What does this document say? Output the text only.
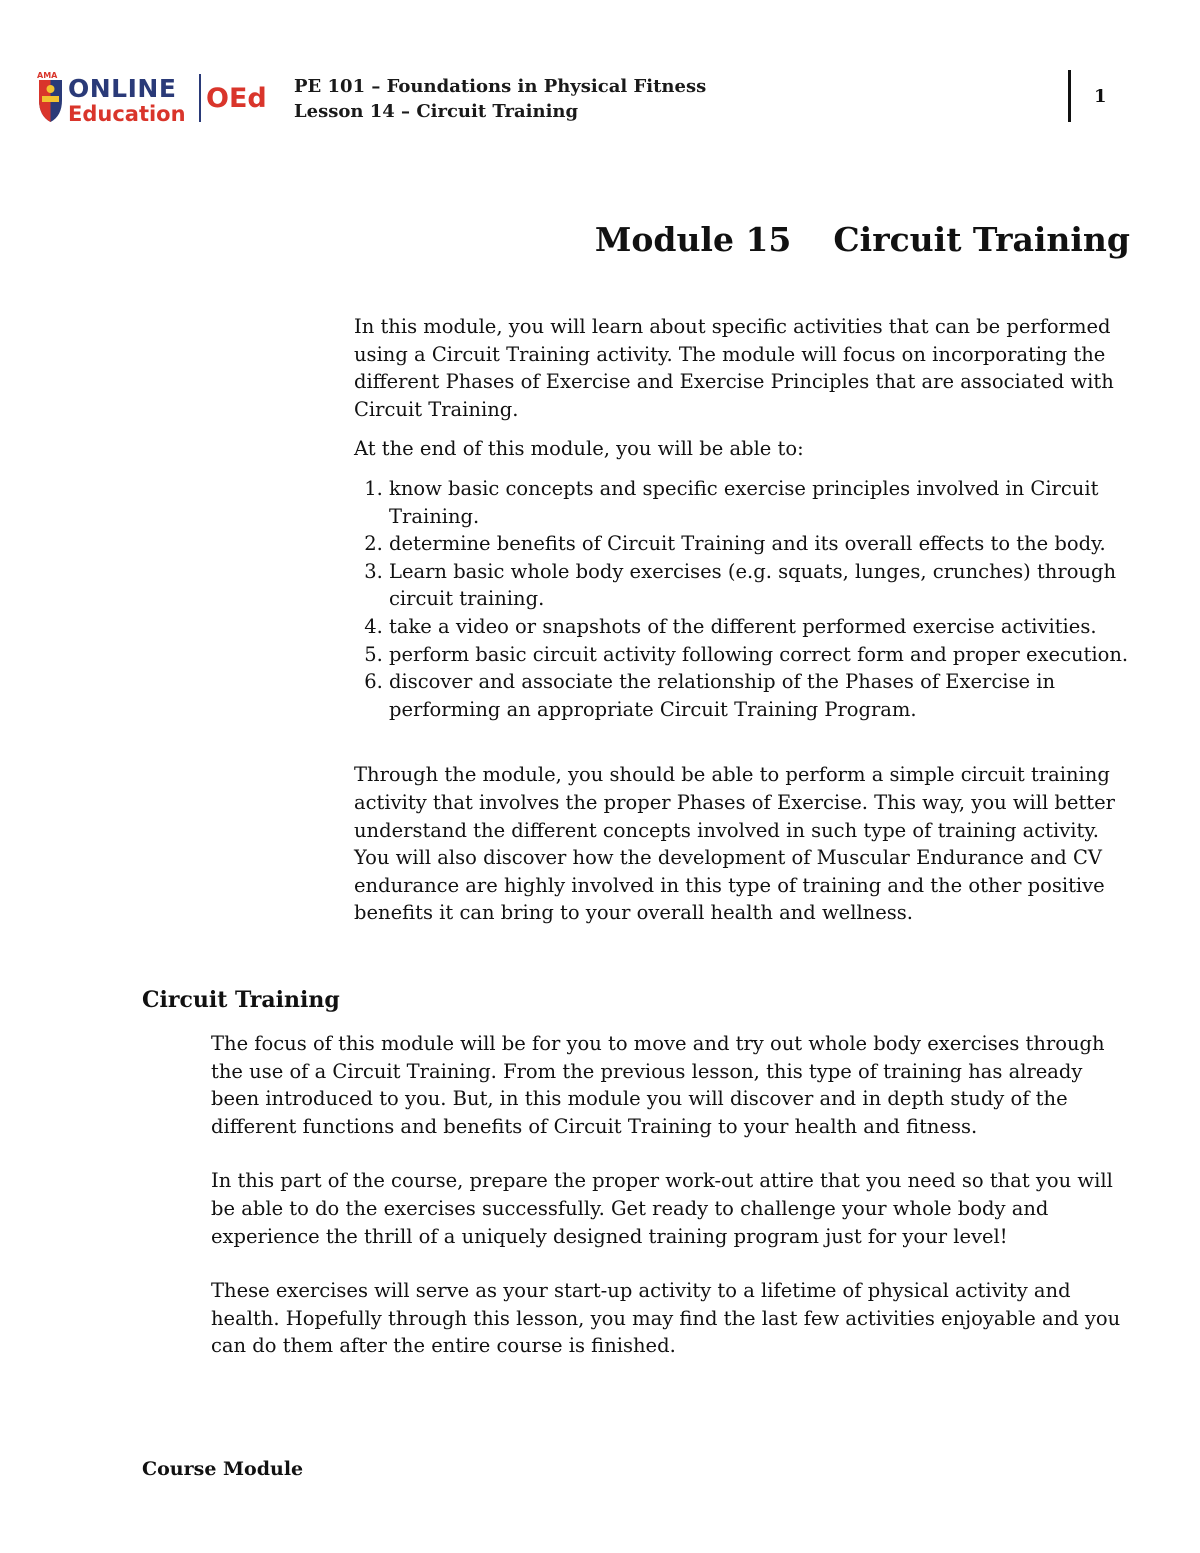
AMA ONLINE
Education OEd PE 101 – Foundations in Physical Fitness
Lesson 14 – Circuit Training
1
Module 15 Circuit Training

In this module, you will learn about specific activities that can be performed using a Circuit Training activity. The module will focus on incorporating the different Phases of Exercise and Exercise Principles that are associated with Circuit Training.

At the end of this module, you will be able to:

1. know basic concepts and specific exercise principles involved in Circuit Training.
2. determine benefits of Circuit Training and its overall effects to the body.
3. Learn basic whole body exercises (e.g. squats, lunges, crunches) through circuit training.
4. take a video or snapshots of the different performed exercise activities.
5. perform basic circuit activity following correct form and proper execution.
6. discover and associate the relationship of the Phases of Exercise in performing an appropriate Circuit Training Program.

Through the module, you should be able to perform a simple circuit training activity that involves the proper Phases of Exercise. This way, you will better understand the different concepts involved in such type of training activity. You will also discover how the development of Muscular Endurance and CV endurance are highly involved in this type of training and the other positive benefits it can bring to your overall health and wellness.

Circuit Training

The focus of this module will be for you to move and try out whole body exercises through the use of a Circuit Training. From the previous lesson, this type of training has already been introduced to you. But, in this module you will discover and in depth study of the different functions and benefits of Circuit Training to your health and fitness.

In this part of the course, prepare the proper work-out attire that you need so that you will be able to do the exercises successfully. Get ready to challenge your whole body and experience the thrill of a uniquely designed training program just for your level!

These exercises will serve as your start-up activity to a lifetime of physical activity and health. Hopefully through this lesson, you may find the last few activities enjoyable and you can do them after the entire course is finished.

Course Module
